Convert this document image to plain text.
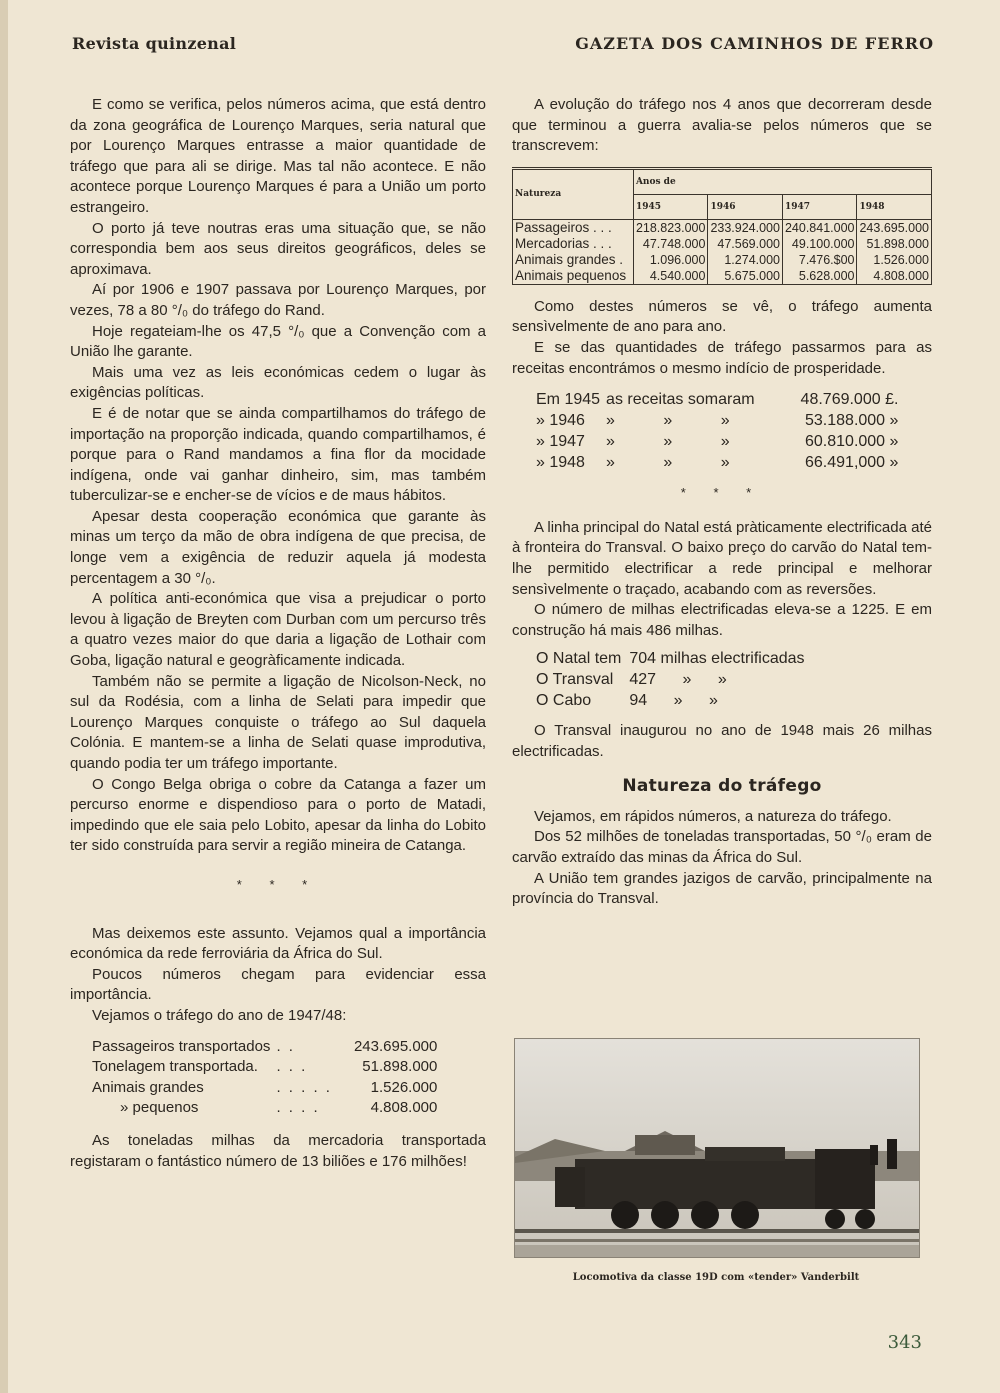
Revista quinzenal	GAZETA DOS CAMINHOS DE FERRO

E como se verifica, pelos números acima, que está dentro da zona geográfica de Lourenço Marques, seria natural que por Lourenço Marques entrasse a maior quantidade de tráfego que para ali se dirige. Mas tal não acontece. E não acontece porque Lourenço Marques é para a União um porto estrangeiro.

O porto já teve noutras eras uma situação que, se não correspondia bem aos seus direitos geográficos, deles se aproximava.

Aí por 1906 e 1907 passava por Lourenço Marques, por vezes, 78 a 80 °/₀ do tráfego do Rand.

Hoje regateiam-lhe os 47,5 °/₀ que a Convenção com a União lhe garante.

Mais uma vez as leis económicas cedem o lugar às exigências políticas.

E é de notar que se ainda compartilhamos do tráfego de importação na proporção indicada, quando compartilhamos, é porque para o Rand mandamos a fina flor da mocidade indígena, onde vai ganhar dinheiro, sim, mas também tuberculizar-se e encher-se de vícios e de maus hábitos.

Apesar desta cooperação económica que garante às minas um terço da mão de obra indígena de que precisa, de longe vem a exigência de reduzir aquela já modesta percentagem a 30 °/₀.

A política anti-económica que visa a prejudicar o porto levou à ligação de Breyten com Durban com um percurso três a quatro vezes maior do que daria a ligação de Lothair com Goba, ligação natural e geogràficamente indicada.

Também não se permite a ligação de Nicolson-Neck, no sul da Rodésia, com a linha de Selati para impedir que Lourenço Marques conquiste o tráfego ao Sul daquela Colónia. E mantem-se a linha de Selati quase improdutiva, quando podia ter um tráfego importante.

O Congo Belga obriga o cobre da Catanga a fazer um percurso enorme e dispendioso para o porto de Matadi, impedindo que ele saia pelo Lobito, apesar da linha do Lobito ter sido construída para servir a região mineira de Catanga.

* * *

Mas deixemos este assunto. Vejamos qual a importância económica da rede ferroviária da África do Sul.

Poucos números chegam para evidenciar essa importância.

Vejamos o tráfego do ano de 1947/48:

Passageiros transportados	. .	243.695.000
Tonelagem transportada.	. . .	51.898.000
Animais grandes	. . . . .	1.526.000
» pequenos	. . . .	4.808.000

As toneladas milhas da mercadoria transportada registaram o fantástico número de 13 biliões e 176 milhões!

A evolução do tráfego nos 4 anos que decorreram desde que terminou a guerra avalia-se pelos números que se transcrevem:

Natureza	Anos de			
	1945	1946	1947	1948
Passageiros . . .	218.823.000	233.924.000	240.841.000	243.695.000
Mercadorias . . .	47.748.000	47.569.000	49.100.000	51.898.000
Animais grandes .	1.096.000	1.274.000	7.476.$00	1.526.000
Animais pequenos	4.540.000	5.675.000	5.628.000	4.808.000

Como destes números se vê, o tráfego aumenta sensìvelmente de ano para ano.

E se das quantidades de tráfego passarmos para as receitas encontrámos o mesmo indício de prosperidade.

Em 1945	as receitas somaram	48.769.000 £.
» 1946	» » »	53.188.000 »
» 1947	» » »	60.810.000 »
» 1948	» » »	66.491,000 »
* * *

A linha principal do Natal está pràticamente electrificada até à fronteira do Transval. O baixo preço do carvão do Natal tem-lhe permitido electrificar a rede principal e melhorar sensìvelmente o traçado, acabando com as reversões.

O número de milhas electrificadas eleva-se a 1225. E em construção há mais 486 milhas.

O Natal tem	704 milhas electrificadas
O Transval	427 » »
O Cabo	94 » »

O Transval inaugurou no ano de 1948 mais 26 milhas electrificadas.

Natureza do tráfego

Vejamos, em rápidos números, a natureza do tráfego.

Dos 52 milhões de toneladas transportadas, 50 °/₀ eram de carvão extraído das minas da África do Sul.

A União tem grandes jazigos de carvão, principalmente na província do Transval.

Locomotiva da classe 19D com «tender» Vanderbilt
343
